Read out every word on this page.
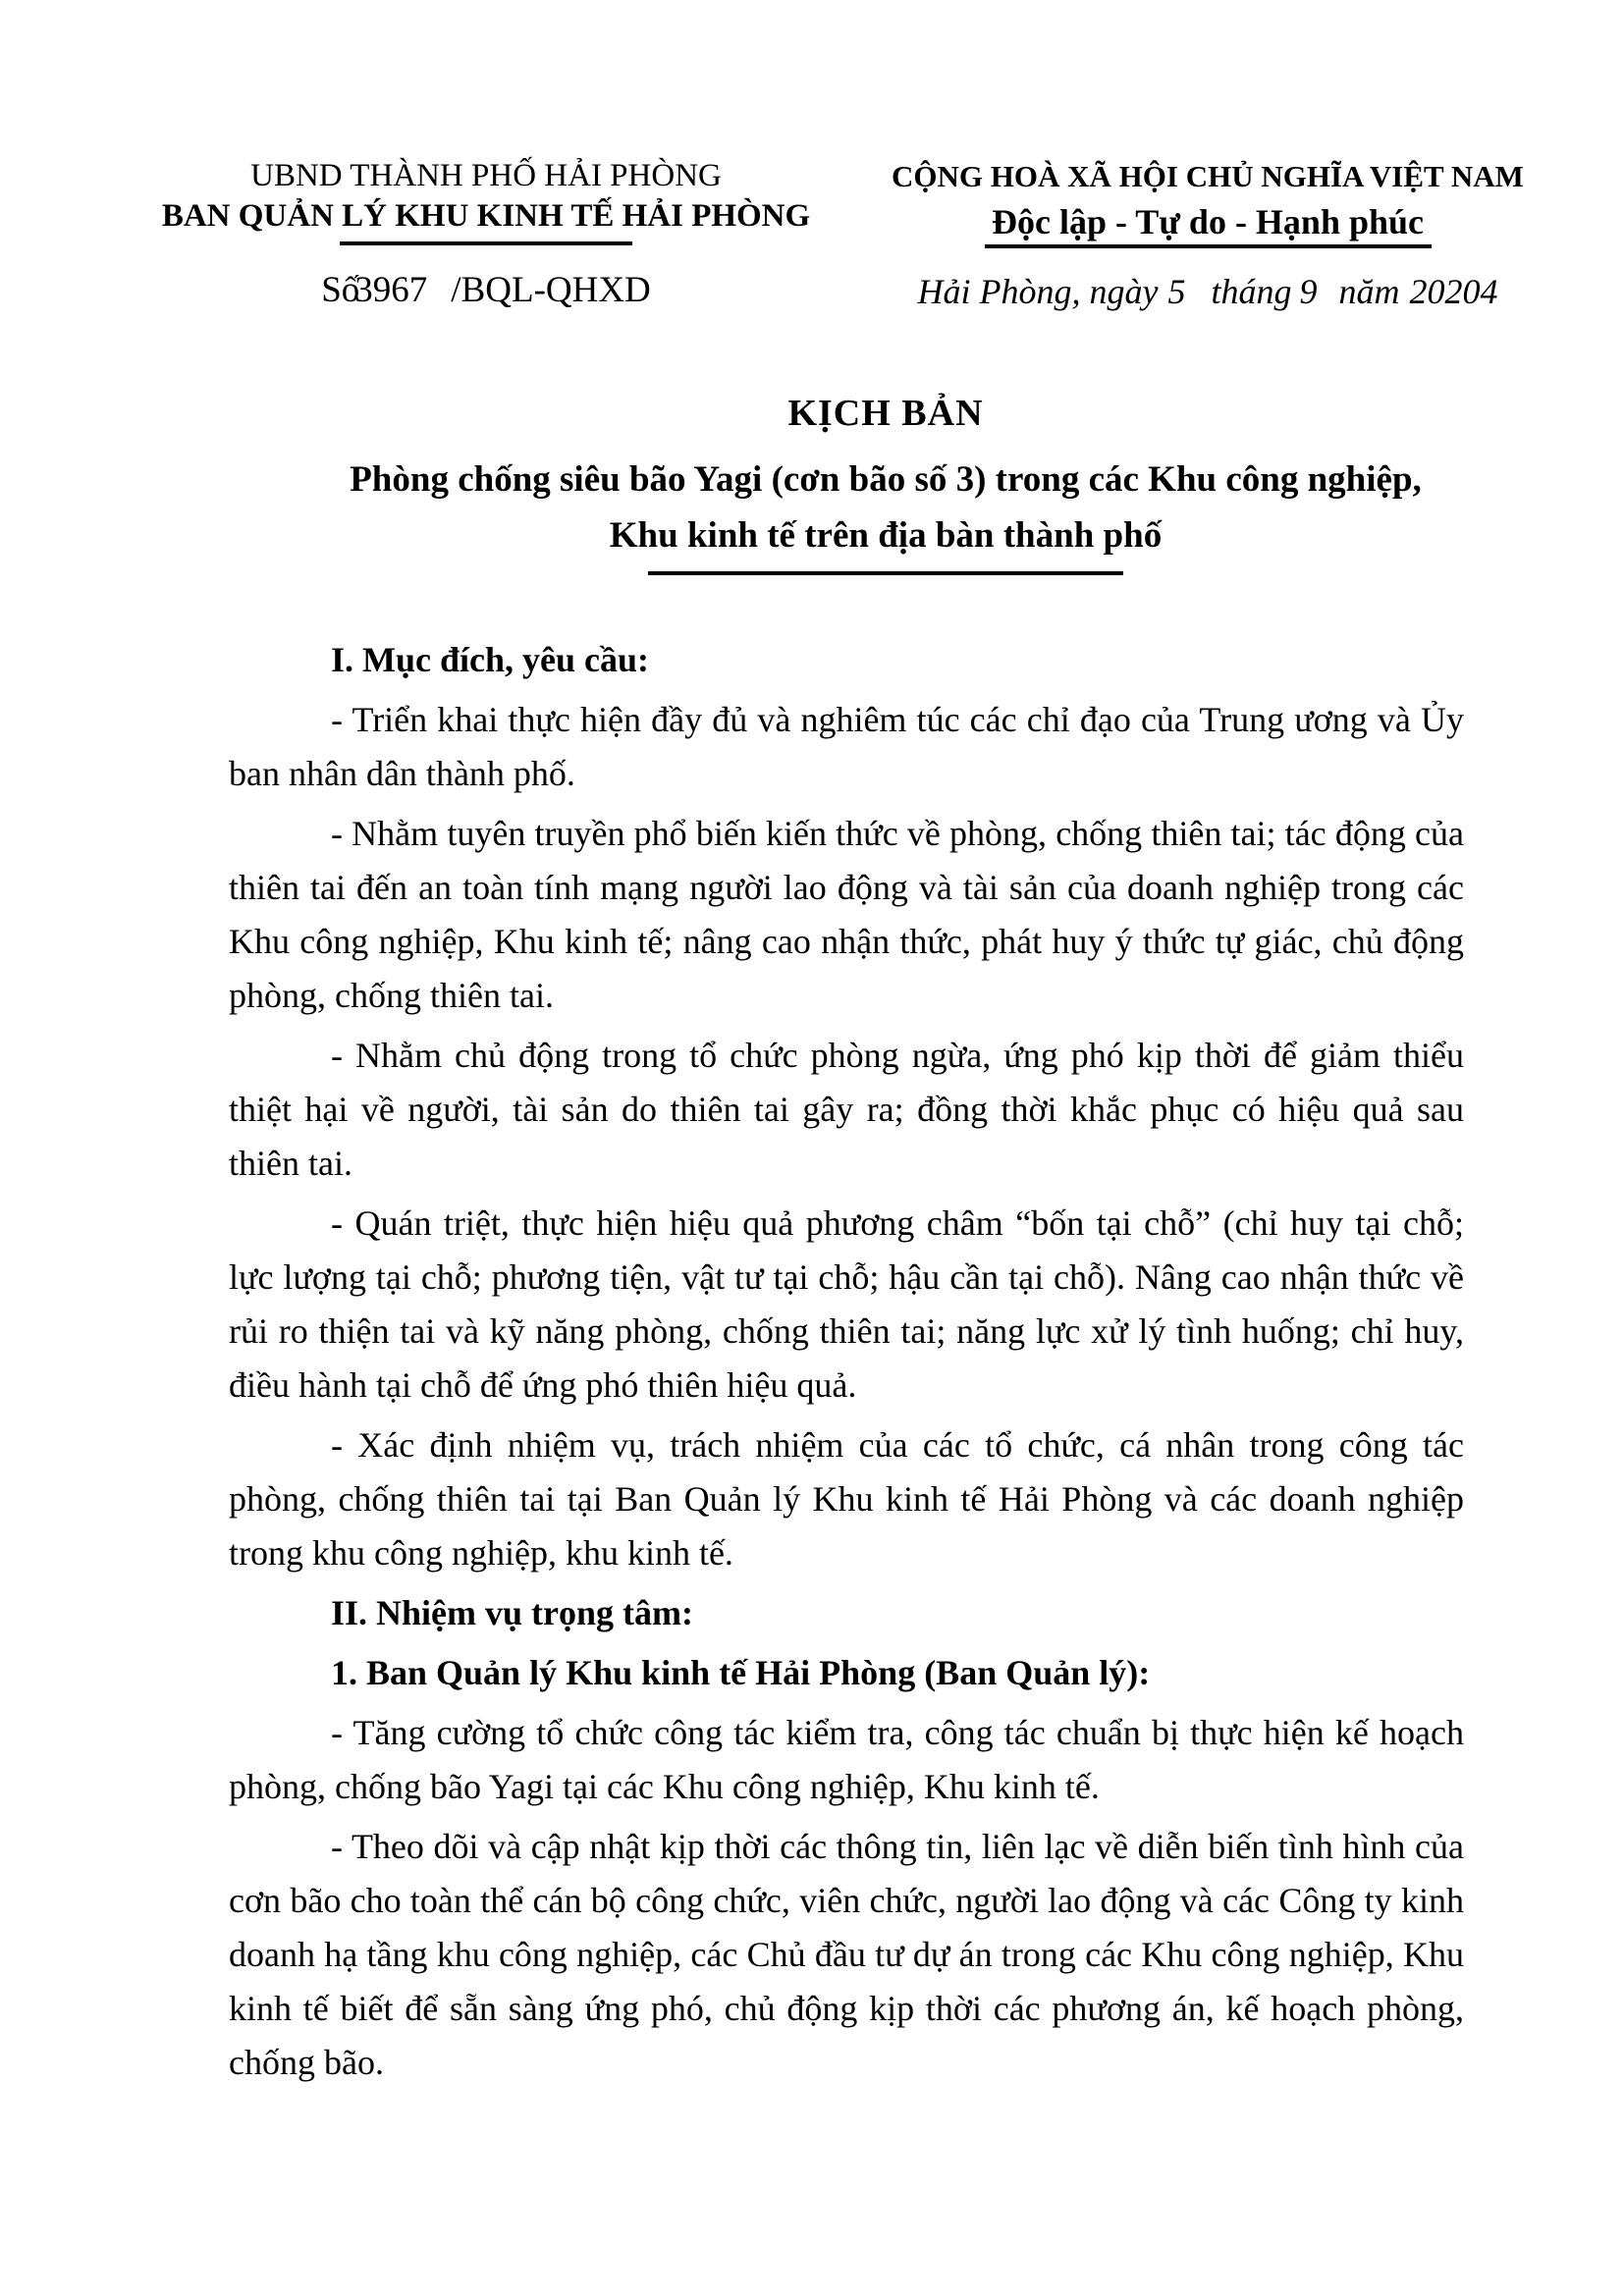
UBND THÀNH PHỐ HẢI PHÒNG
BAN QUẢN LÝ KHU KINH TẾ HẢI PHÒNG
Số3967 /BQL-QHXD
CỘNG HOÀ XÃ HỘI CHỦ NGHĨA VIỆT NAM
Độc lập - Tự do - Hạnh phúc
Hải Phòng, ngày 5 tháng 9 năm 20204
KỊCH BẢN
Phòng chống siêu bão Yagi (cơn bão số 3) trong các Khu công nghiệp,
Khu kinh tế trên địa bàn thành phố
I. Mục đích, yêu cầu:

- Triển khai thực hiện đầy đủ và nghiêm túc các chỉ đạo của Trung ương và Ủy ban nhân dân thành phố.

- Nhằm tuyên truyền phổ biến kiến thức về phòng, chống thiên tai; tác động của thiên tai đến an toàn tính mạng người lao động và tài sản của doanh nghiệp trong các Khu công nghiệp, Khu kinh tế; nâng cao nhận thức, phát huy ý thức tự giác, chủ động phòng, chống thiên tai.

- Nhằm chủ động trong tổ chức phòng ngừa, ứng phó kịp thời để giảm thiểu thiệt hại về người, tài sản do thiên tai gây ra; đồng thời khắc phục có hiệu quả sau thiên tai.

- Quán triệt, thực hiện hiệu quả phương châm “bốn tại chỗ” (chỉ huy tại chỗ; lực lượng tại chỗ; phương tiện, vật tư tại chỗ; hậu cần tại chỗ). Nâng cao nhận thức về rủi ro thiện tai và kỹ năng phòng, chống thiên tai; năng lực xử lý tình huống; chỉ huy, điều hành tại chỗ để ứng phó thiên hiệu quả.

- Xác định nhiệm vụ, trách nhiệm của các tổ chức, cá nhân trong công tác phòng, chống thiên tai tại Ban Quản lý Khu kinh tế Hải Phòng và các doanh nghiệp trong khu công nghiệp, khu kinh tế.

II. Nhiệm vụ trọng tâm:
1. Ban Quản lý Khu kinh tế Hải Phòng (Ban Quản lý):

- Tăng cường tổ chức công tác kiểm tra, công tác chuẩn bị thực hiện kế hoạch phòng, chống bão Yagi tại các Khu công nghiệp, Khu kinh tế.

- Theo dõi và cập nhật kịp thời các thông tin, liên lạc về diễn biến tình hình của cơn bão cho toàn thể cán bộ công chức, viên chức, người lao động và các Công ty kinh doanh hạ tầng khu công nghiệp, các Chủ đầu tư dự án trong các Khu công nghiệp, Khu kinh tế biết để sẵn sàng ứng phó, chủ động kịp thời các phương án, kế hoạch phòng, chống bão.
